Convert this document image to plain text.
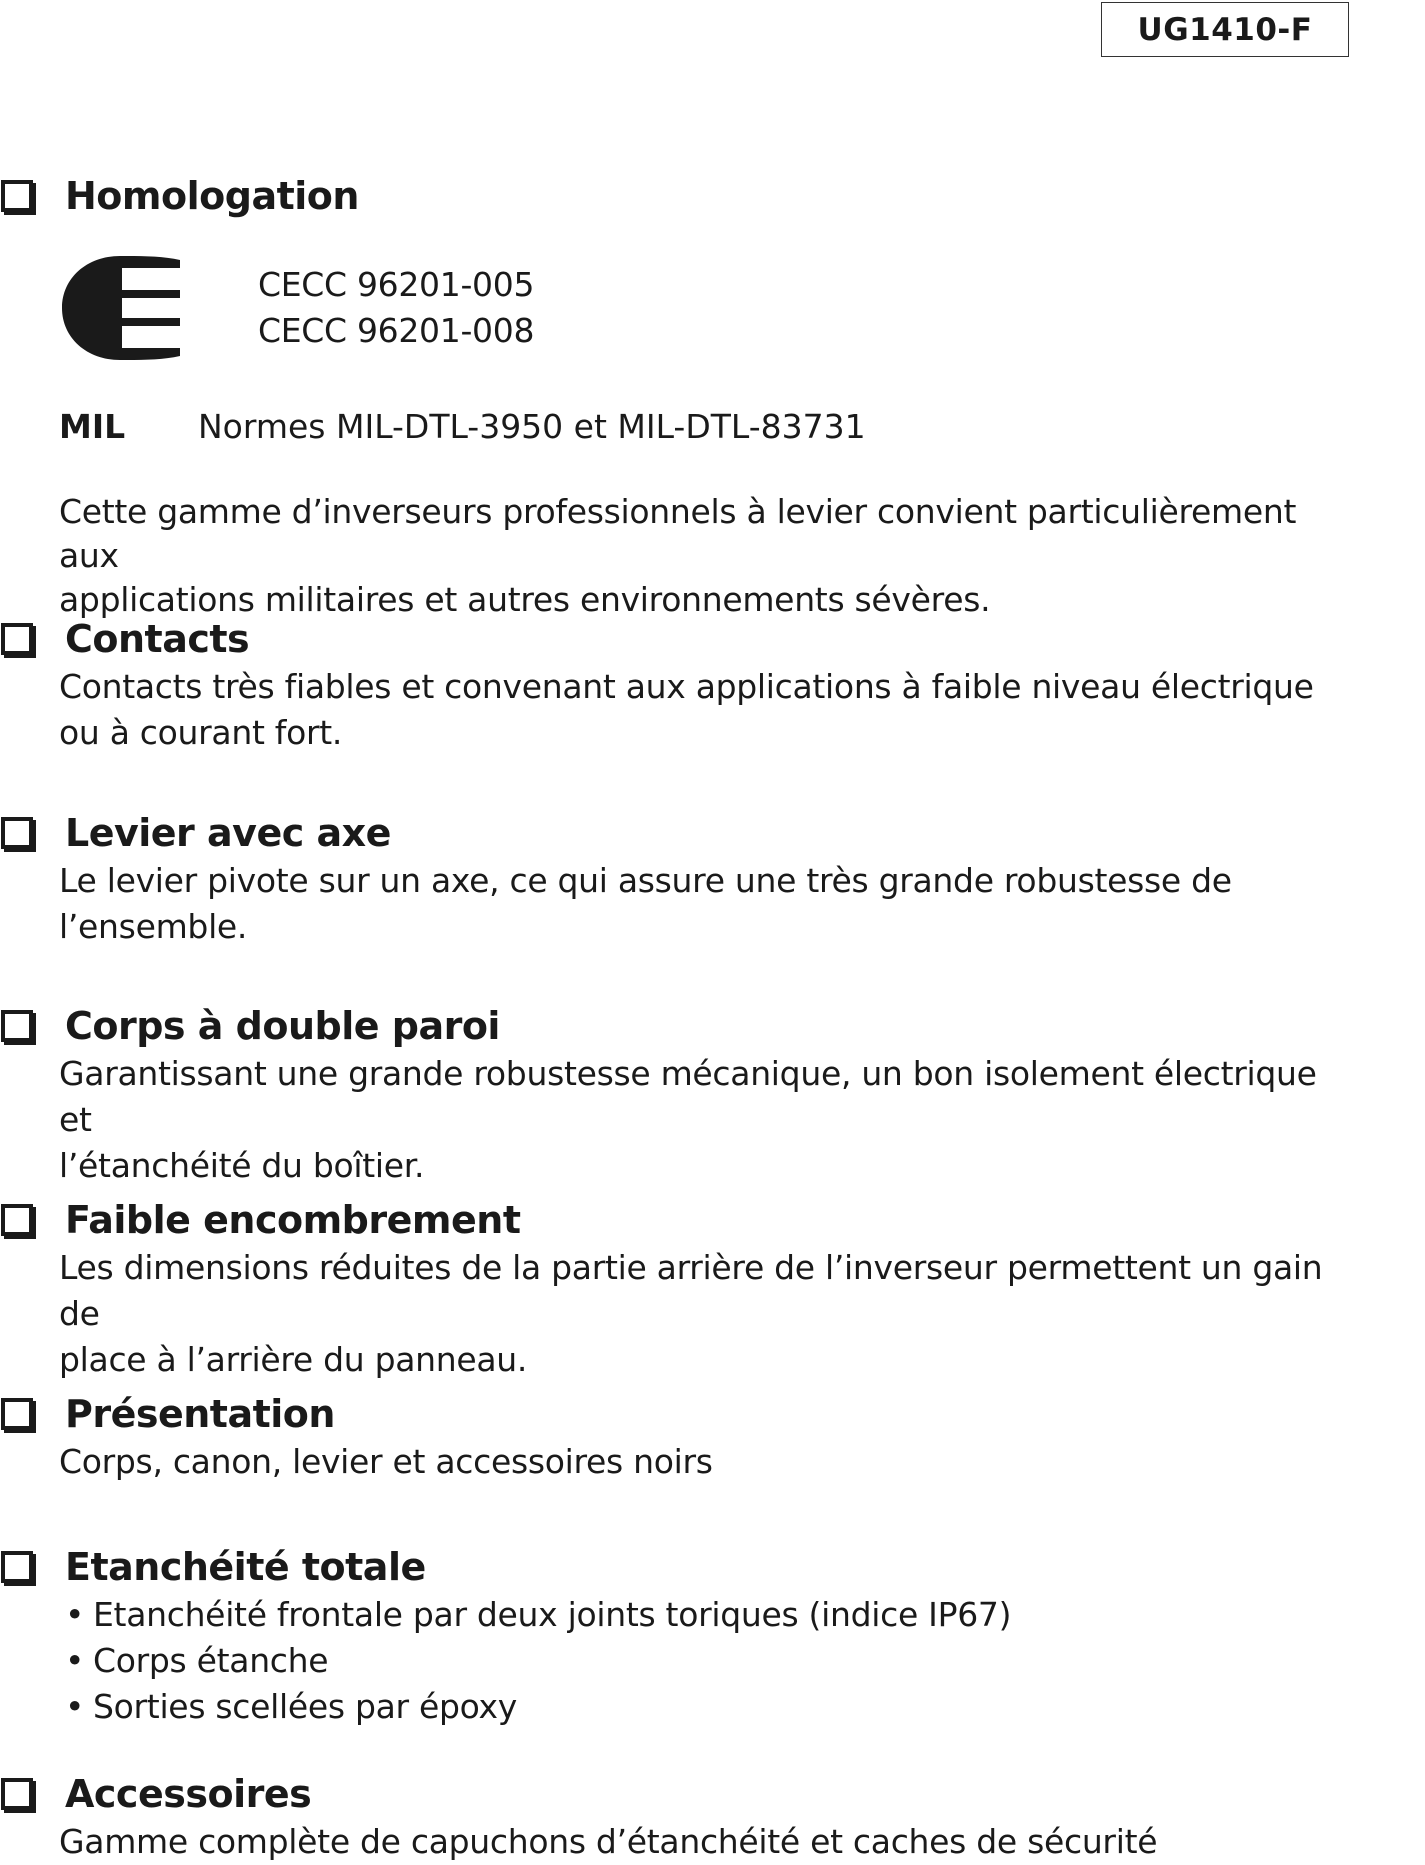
UG1410-F
Homologation
CECC 96201-005
CECC 96201-008
MIL	Normes MIL-DTL-3950 et MIL-DTL-83731

Cette gamme d’inverseurs professionnels à levier convient particulièrement aux

applications militaires et autres environnements sévères.

Contacts

Contacts très fiables et convenant aux applications à faible niveau électrique

ou à courant fort.

Levier avec axe

Le levier pivote sur un axe, ce qui assure une très grande robustesse de

l’ensemble.

Corps à double paroi

Garantissant une grande robustesse mécanique, un bon isolement électrique et

l’étanchéité du boîtier.

Faible encombrement

Les dimensions réduites de la partie arrière de l’inverseur permettent un gain de

place à l’arrière du panneau.

Présentation

Corps, canon, levier et accessoires noirs

Etanchéité totale
• Etanchéité frontale par deux joints toriques (indice IP67)
• Corps étanche
• Sorties scellées par époxy
Accessoires

Gamme complète de capuchons d’étanchéité et caches de sécurité
